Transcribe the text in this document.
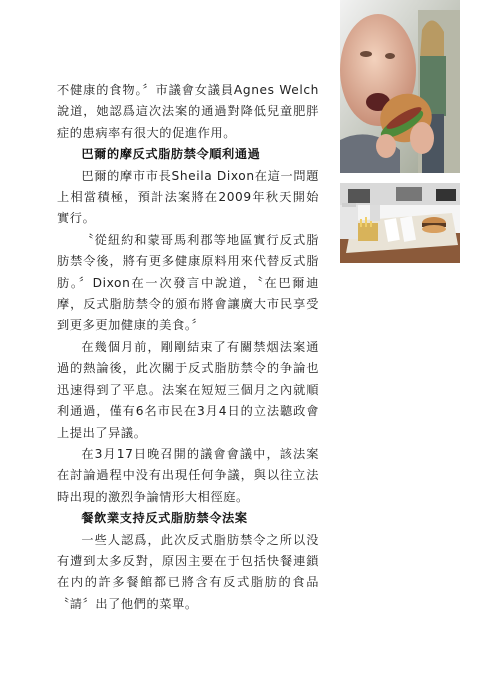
不健康的食物。〞市議會女議員Agnes Welch說道，她認爲這次法案的通過對降低兒童肥胖症的患病率有很大的促進作用。

巴爾的摩反式脂肪禁令順利通過

巴爾的摩市市長Sheila Dixon在這一問題上相當積極，預計法案將在2009年秋天開始實行。

〝從紐約和蒙哥馬利郡等地區實行反式脂肪禁令後，將有更多健康原料用來代替反式脂肪。〞Dixon在一次發言中說道，〝在巴爾迪摩，反式脂肪禁令的頒布將會讓廣大市民享受到更多更加健康的美食。〞

在幾個月前，剛剛結束了有關禁烟法案通過的熱論後，此次關于反式脂肪禁令的争論也迅速得到了平息。法案在短短三個月之內就順利通過，僅有6名市民在3月4日的立法聽政會上提出了异議。

在3月17日晚召開的議會會議中，該法案在討論過程中没有出現任何争議，與以往立法時出現的激烈争論情形大相徑庭。

餐飲業支持反式脂肪禁令法案

一些人認爲，此次反式脂肪禁令之所以没有遭到太多反對，原因主要在于包括快餐連鎖在内的許多餐館都已將含有反式脂肪的食品〝請〞出了他們的菜單。
